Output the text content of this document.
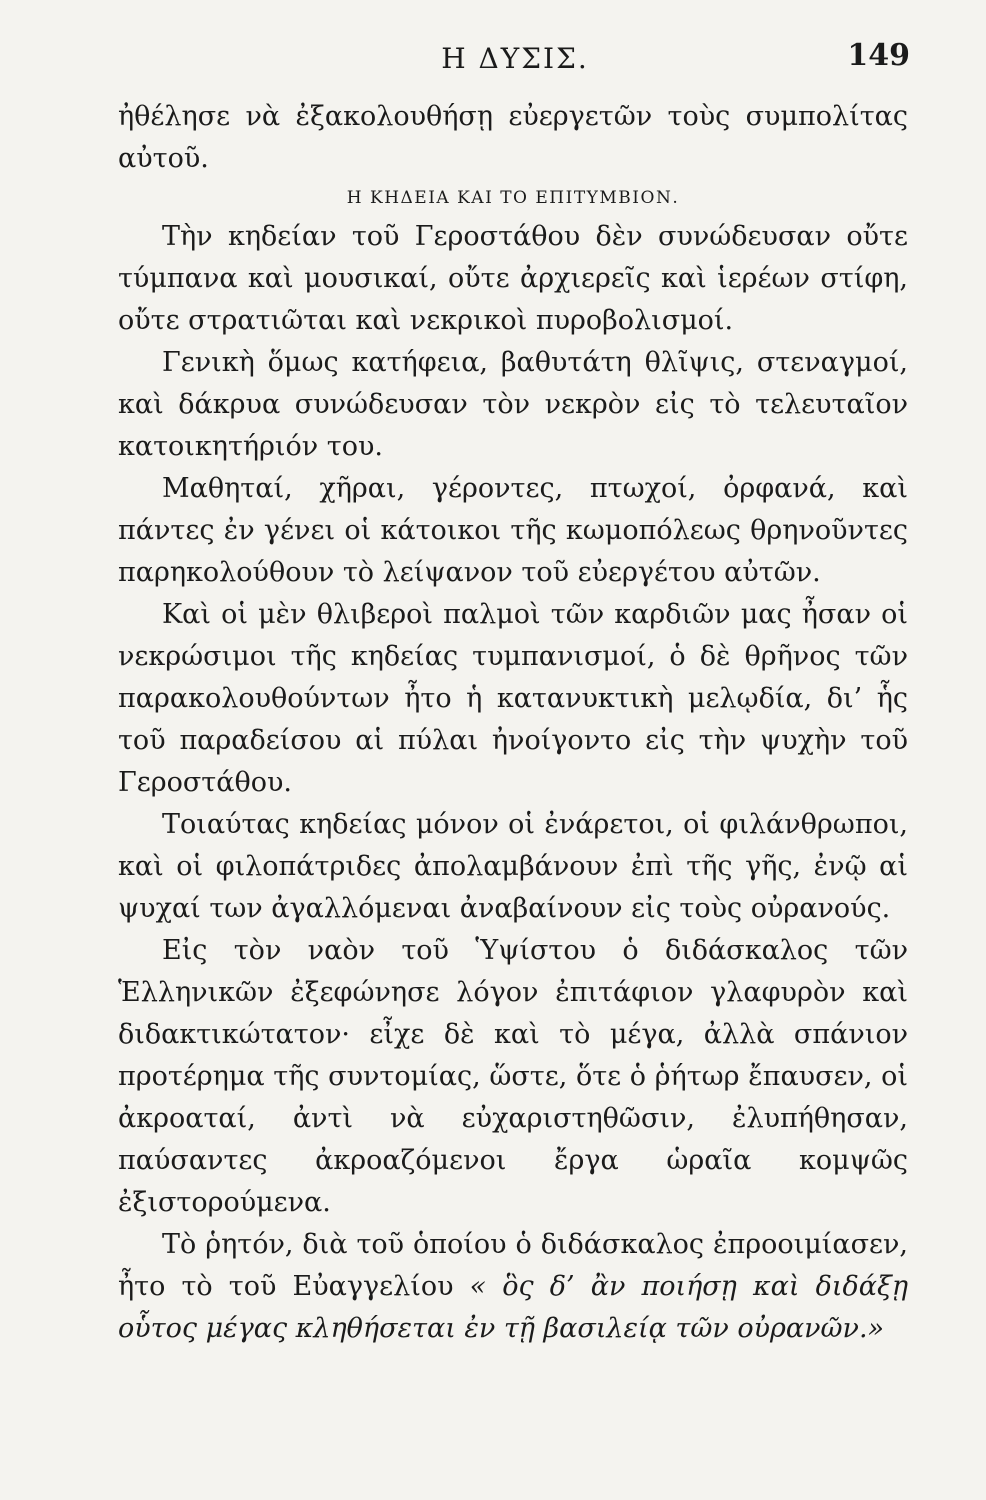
Η ΔΥΣΙΣ.	149

ἠθέλησε νὰ ἐξακολουθήσῃ εὐεργετῶν τοὺς συμπολίτας αὐτοῦ.

Η ΚΗΔΕΙΑ ΚΑΙ ΤΟ ΕΠΙΤΥΜΒΙΟΝ.

Τὴν κηδείαν τοῦ Γεροστάθου δὲν συνώδευσαν οὔτε τύμπανα καὶ μουσικαί, οὔτε ἀρχιερεῖς καὶ ἱερέων στίφη, οὔτε στρατιῶται καὶ νεκρικοὶ πυροβολισμοί.

Γενικὴ ὅμως κατήφεια, βαθυτάτη θλῖψις, στεναγμοί, καὶ δάκρυα συνώδευσαν τὸν νεκρὸν εἰς τὸ τελευταῖον κατοικητήριόν του.

Μαθηταί, χῆραι, γέροντες, πτωχοί, ὀρφανά, καὶ πάντες ἐν γένει οἱ κάτοικοι τῆς κωμοπόλεως θρηνοῦντες παρηκολούθουν τὸ λείψανον τοῦ εὐεργέτου αὐτῶν.

Καὶ οἱ μὲν θλιβεροὶ παλμοὶ τῶν καρδιῶν μας ἦσαν οἱ νεκρώσιμοι τῆς κηδείας τυμπανισμοί, ὁ δὲ θρῆνος τῶν παρακολουθούντων ἦτο ἡ κατανυκτικὴ μελῳδία, δι’ ἧς τοῦ παραδείσου αἱ πύλαι ἠνοίγοντο εἰς τὴν ψυχὴν τοῦ Γεροστάθου.

Τοιαύτας κηδείας μόνον οἱ ἐνάρετοι, οἱ φιλάνθρωποι, καὶ οἱ φιλοπάτριδες ἀπολαμβάνουν ἐπὶ τῆς γῆς, ἐνῷ αἱ ψυχαί των ἀγαλλόμεναι ἀναβαίνουν εἰς τοὺς οὐρανούς.

Εἰς τὸν ναὸν τοῦ Ὑψίστου ὁ διδάσκαλος τῶν Ἑλληνικῶν ἐξεφώνησε λόγον ἐπιτάφιον γλαφυρὸν καὶ διδακτικώτατον· εἶχε δὲ καὶ τὸ μέγα, ἀλλὰ σπάνιον προτέρημα τῆς συντομίας, ὥστε, ὅτε ὁ ῥήτωρ ἔπαυσεν, οἱ ἀκροαταί, ἀντὶ νὰ εὐχαριστηθῶσιν, ἐλυπήθησαν, παύσαντες ἀκροαζόμενοι ἔργα ὡραῖα κομψῶς ἐξιστορούμενα.

Τὸ ῥητόν, διὰ τοῦ ὁποίου ὁ διδάσκαλος ἐπροοιμίασεν, ἦτο τὸ τοῦ Εὐαγγελίου « ὃς δ’ ἂν ποιήσῃ καὶ διδάξῃ οὗτος μέγας κληθήσεται ἐν τῇ βασιλείᾳ τῶν οὐρανῶν.»
